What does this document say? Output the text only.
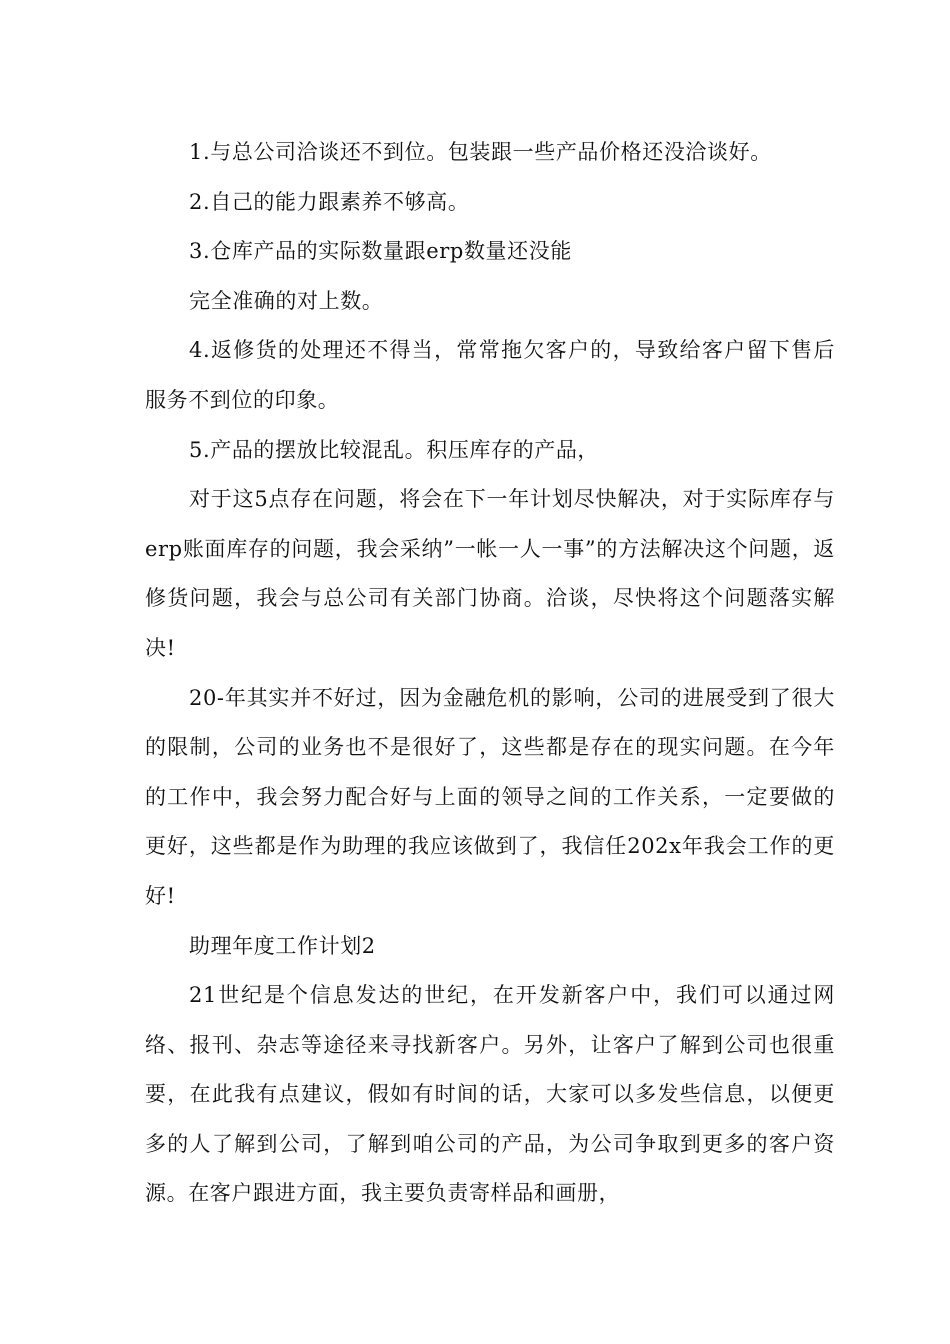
1.与总公司洽谈还不到位。包装跟一些产品价格还没洽谈好。

2.自己的能力跟素养不够高。

3.仓库产品的实际数量跟erp数量还没能

完全准确的对上数。

4.返修货的处理还不得当，常常拖欠客户的，导致给客户留下售后服务不到位的印象。

5.产品的摆放比较混乱。积压库存的产品，

对于这5点存在问题，将会在下一年计划尽快解决，对于实际库存与erp账面库存的问题，我会采纳”一帐一人一事”的方法解决这个问题，返修货问题，我会与总公司有关部门协商。洽谈，尽快将这个问题落实解决!

20-年其实并不好过，因为金融危机的影响，公司的进展受到了很大的限制，公司的业务也不是很好了，这些都是存在的现实问题。在今年的工作中，我会努力配合好与上面的领导之间的工作关系，一定要做的更好，这些都是作为助理的我应该做到了，我信任202x年我会工作的更好!

助理年度工作计划2

21世纪是个信息发达的世纪，在开发新客户中，我们可以通过网络、报刊、杂志等途径来寻找新客户。另外，让客户了解到公司也很重要，在此我有点建议，假如有时间的话，大家可以多发些信息，以便更多的人了解到公司，了解到咱公司的产品，为公司争取到更多的客户资源。在客户跟进方面，我主要负责寄样品和画册，
